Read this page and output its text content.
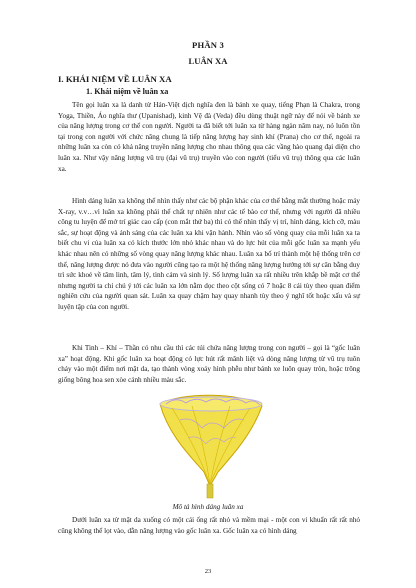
PHẦN 3
LUÂN XA
I. KHÁI NIỆM VỀ LUÂN XA
1. Khái niệm về luân xa

Tên gọi luân xa là danh từ Hán-Việt dịch nghĩa đen là bánh xe quay, tiếng Phạn là Chakra, trong Yoga, Thiền, Áo nghĩa thư (Upanishad), kinh Vệ đà (Veda) đều dùng thuật ngữ này để nói về bánh xe của năng lượng trong cơ thể con người. Người ta đã biết tới luân xa từ hàng ngàn năm nay, nó luôn tồn tại trong con người với chức năng chung là tiếp năng lượng hay sinh khí (Prana) cho cơ thể, ngoài ra những luân xa còn có khả năng truyền năng lượng cho nhau thông qua các vầng hào quang đại diện cho luân xa. Như vậy năng lượng vũ trụ (đại vũ trụ) truyền vào con người (tiểu vũ trụ) thông qua các luân xa.

Hình dáng luân xa không thể nhìn thấy như các bộ phận khác của cơ thể bằng mắt thường hoặc máy X-ray, v.v…vì luân xa không phải thể chất tự nhiên như các tế bào cơ thể, nhưng với người đã nhiều công tu luyện để mở trí giác cao cấp (con mắt thứ ba) thì có thể nhìn thấy vị trí, hình dáng, kích cỡ, màu sắc, sự hoạt động và ánh sáng của các luân xa khi vận hành. Nhìn vào số vòng quay của mỗi luân xa ta biết chu vi của luân xa có kích thước lớn nhỏ khác nhau và do lực hút của mỗi gốc luân xa mạnh yếu khác nhau nên có những số vòng quay năng lượng khác nhau. Luân xa bố trí thành một hệ thống trên cơ thể, năng lượng được nó đưa vào người cũng tạo ra một hệ thống năng lượng hướng tới sự cân bằng duy trì sức khoẻ về tâm linh, tâm lý, tình cảm và sinh lý. Số lượng luân xa rất nhiều trên khắp bề mặt cơ thể nhưng người ta chỉ chú ý tới các luân xa lớn nằm dọc theo cột sống có 7 hoặc 8 cái tùy theo quan điểm nghiên cứu của người quan sát. Luân xa quay chậm hay quay nhanh tùy theo ý nghĩ tốt hoặc xấu và sự luyện tập của con người.

Khi Tinh – Khí – Thần có nhu cầu thì các túi chứa năng lượng trong con người – gọi là “gốc luân xa” hoạt động. Khi gốc luân xa hoạt động có lực hút rất mãnh liệt và dòng năng lượng từ vũ trụ tuôn chảy vào một điểm nơi mặt da, tạo thành vòng xoáy hình phễu như bánh xe luôn quay tròn, hoặc trông giống bông hoa sen xòe cánh nhiều màu sắc.

Mô tả hình dáng luân xa

Dưới luân xa từ mặt da xuống có một cái ống rất nhỏ và mềm mại - một con vi khuẩn rất rất nhỏ cũng không thể lọt vào, dẫn năng lượng vào gốc luân xa. Gốc luân xa có hình dáng

23
